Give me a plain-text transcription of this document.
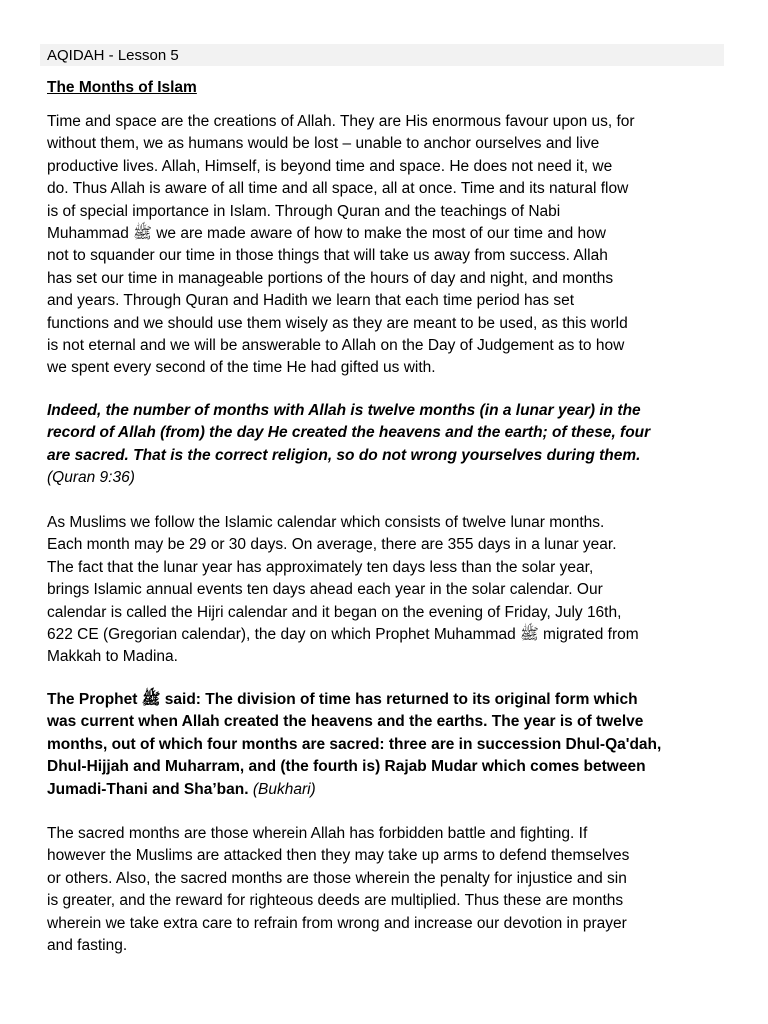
AQIDAH - Lesson 5
The Months of Islam
Time and space are the creations of Allah. They are His enormous favour upon us, for
without them, we as humans would be lost – unable to anchor ourselves and live
productive lives. Allah, Himself, is beyond time and space. He does not need it, we
do. Thus Allah is aware of all time and all space, all at once. Time and its natural flow
is of special importance in Islam. Through Quran and the teachings of Nabi
Muhammad ﷺ we are made aware of how to make the most of our time and how
not to squander our time in those things that will take us away from success. Allah
has set our time in manageable portions of the hours of day and night, and months
and years. Through Quran and Hadith we learn that each time period has set
functions and we should use them wisely as they are meant to be used, as this world
is not eternal and we will be answerable to Allah on the Day of Judgement as to how
we spent every second of the time He had gifted us with.
Indeed, the number of months with Allah is twelve months (in a lunar year) in the
record of Allah (from) the day He created the heavens and the earth; of these, four
are sacred. That is the correct religion, so do not wrong yourselves during them.
(Quran 9:36)
As Muslims we follow the Islamic calendar which consists of twelve lunar months.
Each month may be 29 or 30 days. On average, there are 355 days in a lunar year.
The fact that the lunar year has approximately ten days less than the solar year,
brings Islamic annual events ten days ahead each year in the solar calendar. Our
calendar is called the Hijri calendar and it began on the evening of Friday, July 16th,
622 CE (Gregorian calendar), the day on which Prophet Muhammad ﷺ migrated from
Makkah to Madina.
The Prophet ﷺ said: The division of time has returned to its original form which
was current when Allah created the heavens and the earths. The year is of twelve
months, out of which four months are sacred: three are in succession Dhul-Qa'dah,
Dhul-Hijjah and Muharram, and (the fourth is) Rajab Mudar which comes between
Jumadi-Thani and Sha’ban. (Bukhari)
The sacred months are those wherein Allah has forbidden battle and fighting. If
however the Muslims are attacked then they may take up arms to defend themselves
or others. Also, the sacred months are those wherein the penalty for injustice and sin
is greater, and the reward for righteous deeds are multiplied. Thus these are months
wherein we take extra care to refrain from wrong and increase our devotion in prayer
and fasting.
